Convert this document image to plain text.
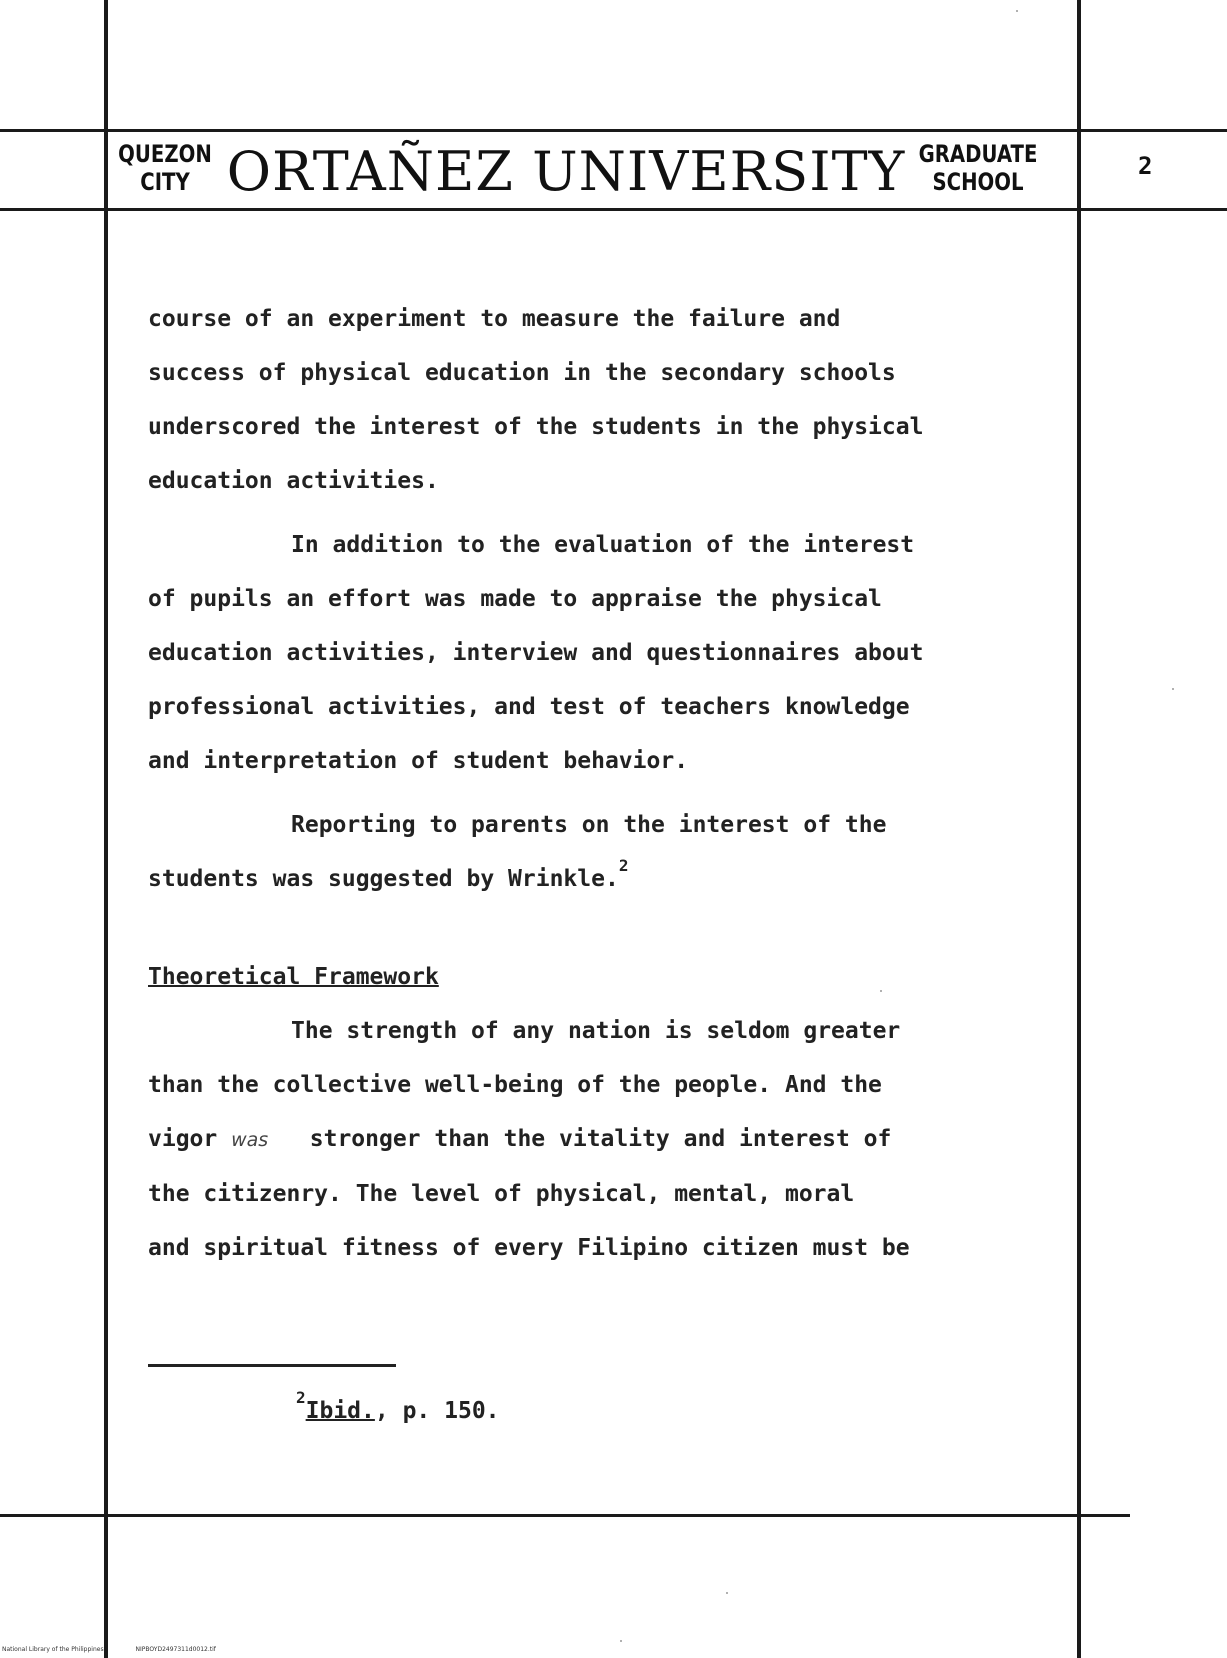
QUEZON
CITY ORTAÑEZ UNIVERSITY GRADUATE
SCHOOL
2

course of an experiment to measure the failure and
success of physical education in the secondary schools
underscored the interest of the students in the physical
education activities.

In addition to the evaluation of the interest
of pupils an effort was made to appraise the physical
education activities, interview and questionnaires about
professional activities, and test of teachers knowledge
and interpretation of student behavior.

Reporting to parents on the interest of the
students was suggested by Wrinkle.$^2$

Theoretical Framework

The strength of any nation is seldom greater
than the collective well-being of the people. And the
vigor was stronger than the vitality and interest of
the citizenry. The level of physical, mental, moral
and spiritual fitness of every Filipino citizen must be

$^2$Ibid., p. 150.
National Library of the Philippines	NIPBOYD2497311d0012.tif
